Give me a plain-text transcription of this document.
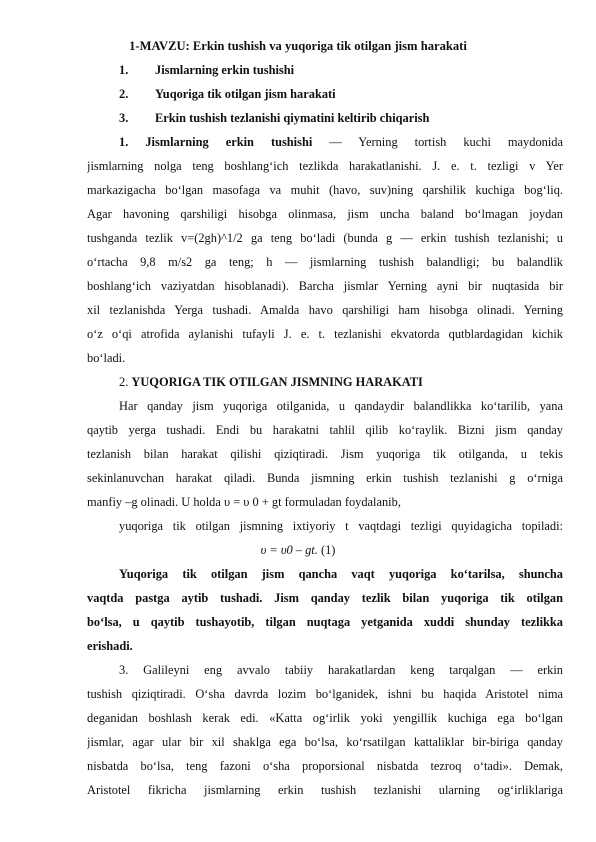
1-MAVZU: Erkin tushish va yuqoriga tik otilgan jism harakati
1. Jismlarning erkin tushishi
2. Yuqoriga tik otilgan jism harakati
3. Erkin tushish tezlanishi qiymatini keltirib chiqarish
1. Jismlarning erkin tushishi — Yerning tortish kuchi maydonida
jismlarning nolga teng boshlang‘ich tezlikda harakatlanishi. J. e. t. tezligi v Yer
markazigacha bo‘lgan masofaga va muhit (havo, suv)ning qarshilik kuchiga bog‘liq.
Agar havoning qarshiligi hisobga olinmasa, jism uncha baland bo‘lmagan joydan
tushganda tezlik v=(2gh)^1/2 ga teng bo‘ladi (bunda g — erkin tushish tezlanishi; u
o‘rtacha 9,8 m/s2 ga teng; h — jismlarning tushish balandligi; bu balandlik
boshlang‘ich vaziyatdan hisoblanadi). Barcha jismlar Yerning ayni bir nuqtasida bir
xil tezlanishda Yerga tushadi. Amalda havo qarshiligi ham hisobga olinadi. Yerning
o‘z o‘qi atrofida aylanishi tufayli J. e. t. tezlanishi ekvatorda qutblardagidan kichik
bo‘ladi.
2. YUQORIGA TIK OTILGAN JISMNING HARAKATI
Har qanday jism yuqoriga otilganida, u qandaydir balandlikka ko‘tarilib, yana
qaytib yerga tushadi. Endi bu harakatni tahlil qilib ko‘raylik. Bizni jism qanday
tezlanish bilan harakat qilishi qiziqtiradi. Jism yuqoriga tik otilganda, u tekis
sekinlanuvchan harakat qiladi. Bunda jismning erkin tushish tezlanishi g o‘rniga
manfiy –g olinadi. U holda υ = υ 0 + gt formuladan foydalanib,
yuqoriga tik otilgan jismning ixtiyoriy t vaqtdagi tezligi quyidagicha topiladi:
υ = υ0 – gt. (1)
Yuqoriga tik otilgan jism qancha vaqt yuqoriga ko‘tarilsa, shuncha
vaqtda pastga aytib tushadi. Jism qanday tezlik bilan yuqoriga tik otilgan
bo‘lsa, u qaytib tushayotib, tilgan nuqtaga yetganida xuddi shunday tezlikka
erishadi.
3. Galileyni eng avvalo tabiiy harakatlardan keng tarqalgan — erkin
tushish qiziqtiradi. O‘sha davrda lozim bo‘lganidek, ishni bu haqida Aristotel nima
deganidan boshlash kerak edi. «Katta og‘irlik yoki yengillik kuchiga ega bo‘lgan
jismlar, agar ular bir xil shaklga ega bo‘lsa, ko‘rsatilgan kattaliklar bir-biriga qanday
nisbatda bo‘lsa, teng fazoni o‘sha proporsional nisbatda tezroq o‘tadi». Demak,
Aristotel fikricha jismlarning erkin tushish tezlanishi ularning og‘irliklariga
